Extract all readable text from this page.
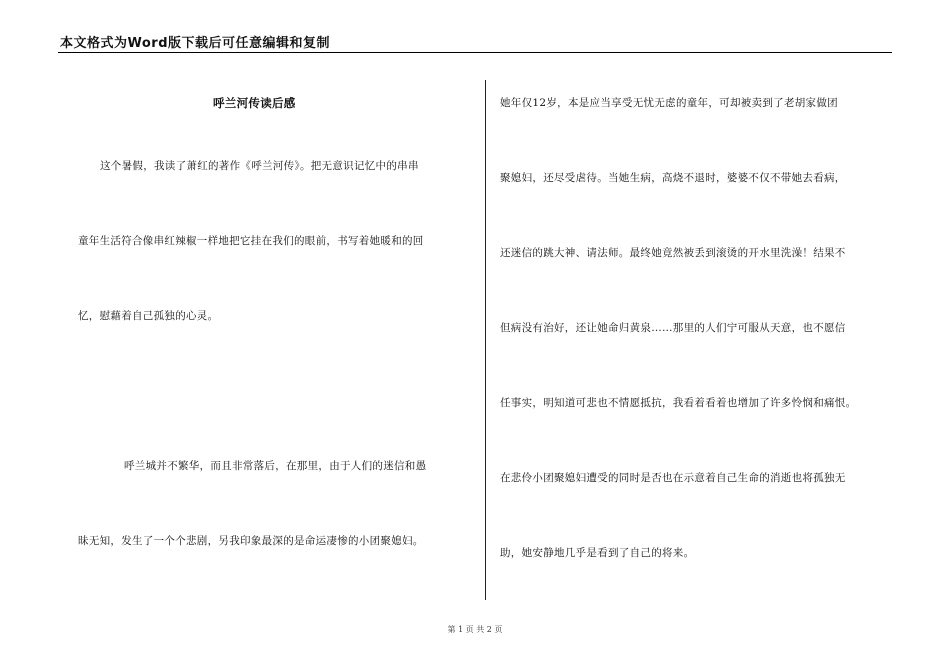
本文格式为Word版下载后可任意编辑和复制
呼兰河传读后感
这个暑假，我读了萧红的著作《呼兰河传》。把无意识记忆中的串串
童年生活符合像串红辣椒一样地把它挂在我们的眼前，书写着她暖和的回
忆，慰藉着自己孤独的心灵。
呼兰城并不繁华，而且非常落后，在那里，由于人们的迷信和愚
昧无知，发生了一个个悲剧，另我印象最深的是命运凄惨的小团聚媳妇。
她年仅12岁，本是应当享受无忧无虑的童年，可却被卖到了老胡家做团
聚媳妇，还尽受虐待。当她生病，高烧不退时，婆婆不仅不带她去看病，
还迷信的跳大神、请法师。最终她竟然被丢到滚烫的开水里洗澡！结果不
但病没有治好，还让她命归黄泉……那里的人们宁可服从天意，也不愿信
任事实，明知道可悲也不情愿抵抗，我看着看着也增加了许多怜悯和痛恨。
在悲伶小团聚媳妇遭受的同时是否也在示意着自己生命的消逝也将孤独无
助，她安静地几乎是看到了自己的将来。
第 1 页 共 2 页
